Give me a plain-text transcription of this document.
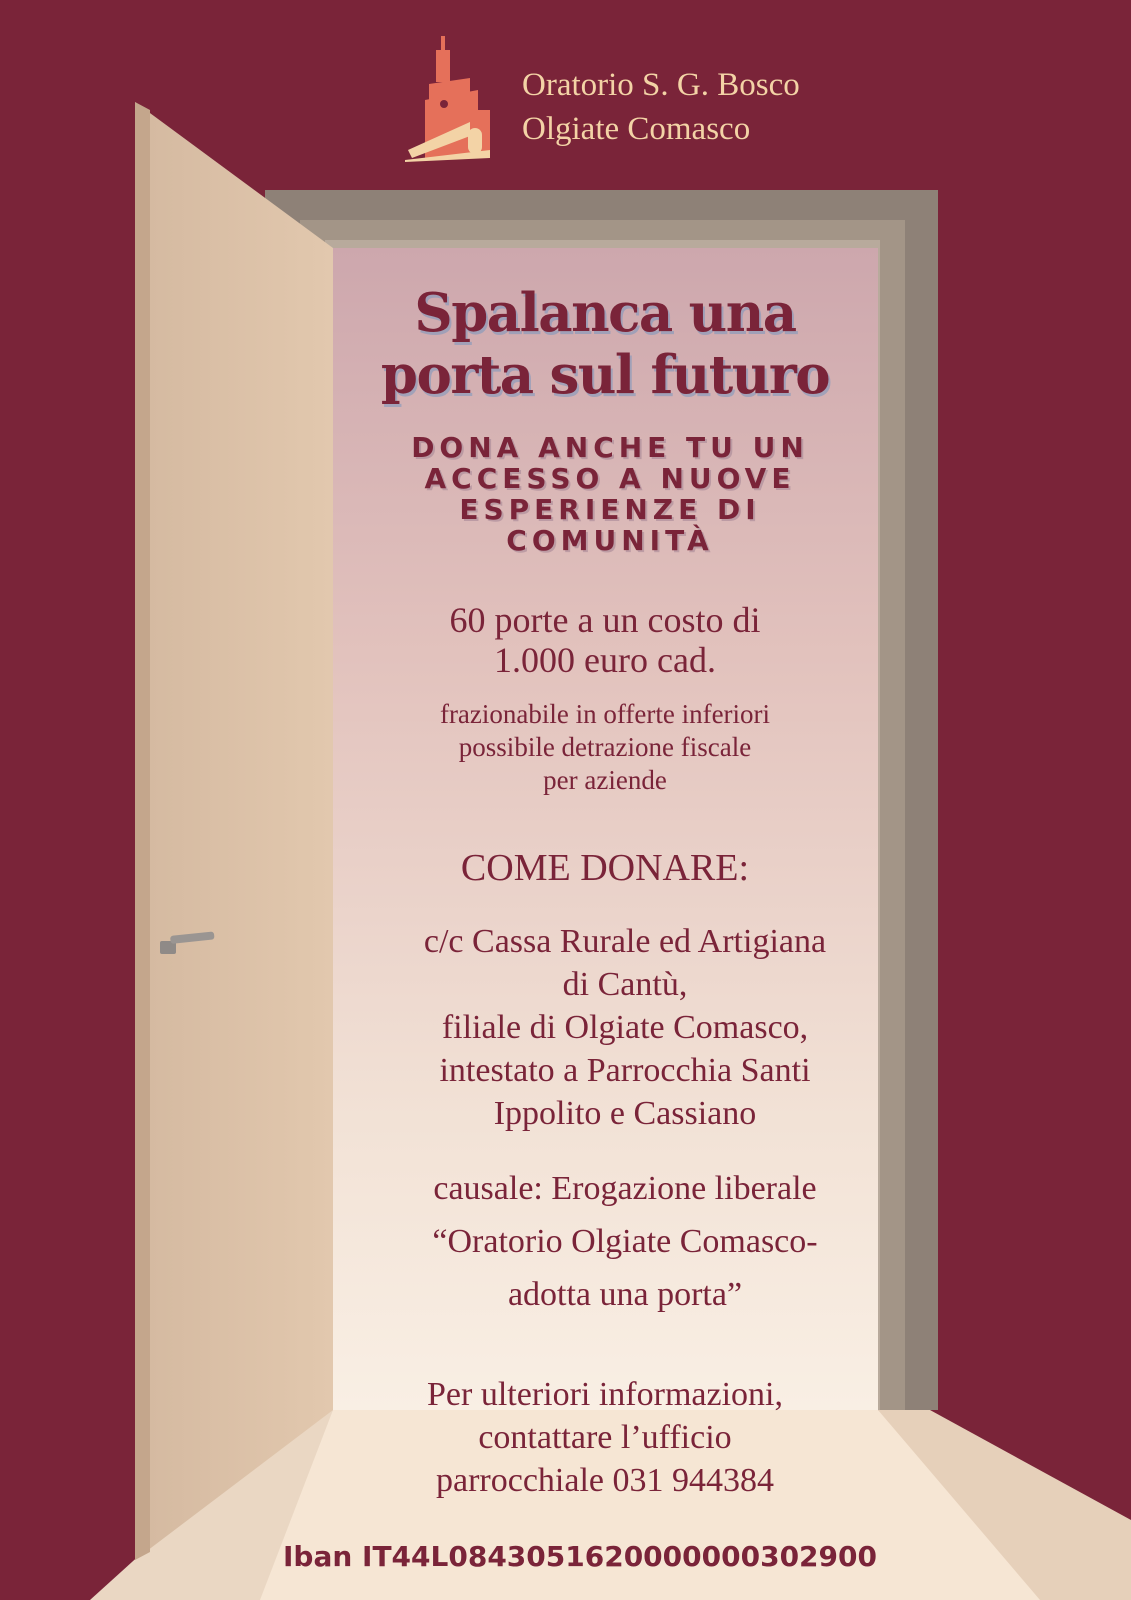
Oratorio S. G. Bosco
Olgiate Comasco
Spalanca una
porta sul futuro
DONA ANCHE TU UN
ACCESSO A NUOVE
ESPERIENZE DI
COMUNITÀ
60 porte a un costo di
1.000 euro cad.
frazionabile in offerte inferiori
possibile detrazione fiscale
per aziende
COME DONARE:
c/c Cassa Rurale ed Artigiana
di Cantù,
filiale di Olgiate Comasco,
intestato a Parrocchia Santi
Ippolito e Cassiano
causale: Erogazione liberale
“Oratorio Olgiate Comasco-
adotta una porta”
Per ulteriori informazioni,
contattare l’ufficio
parrocchiale 031 944384
Iban IT44L0843051620000000302900
